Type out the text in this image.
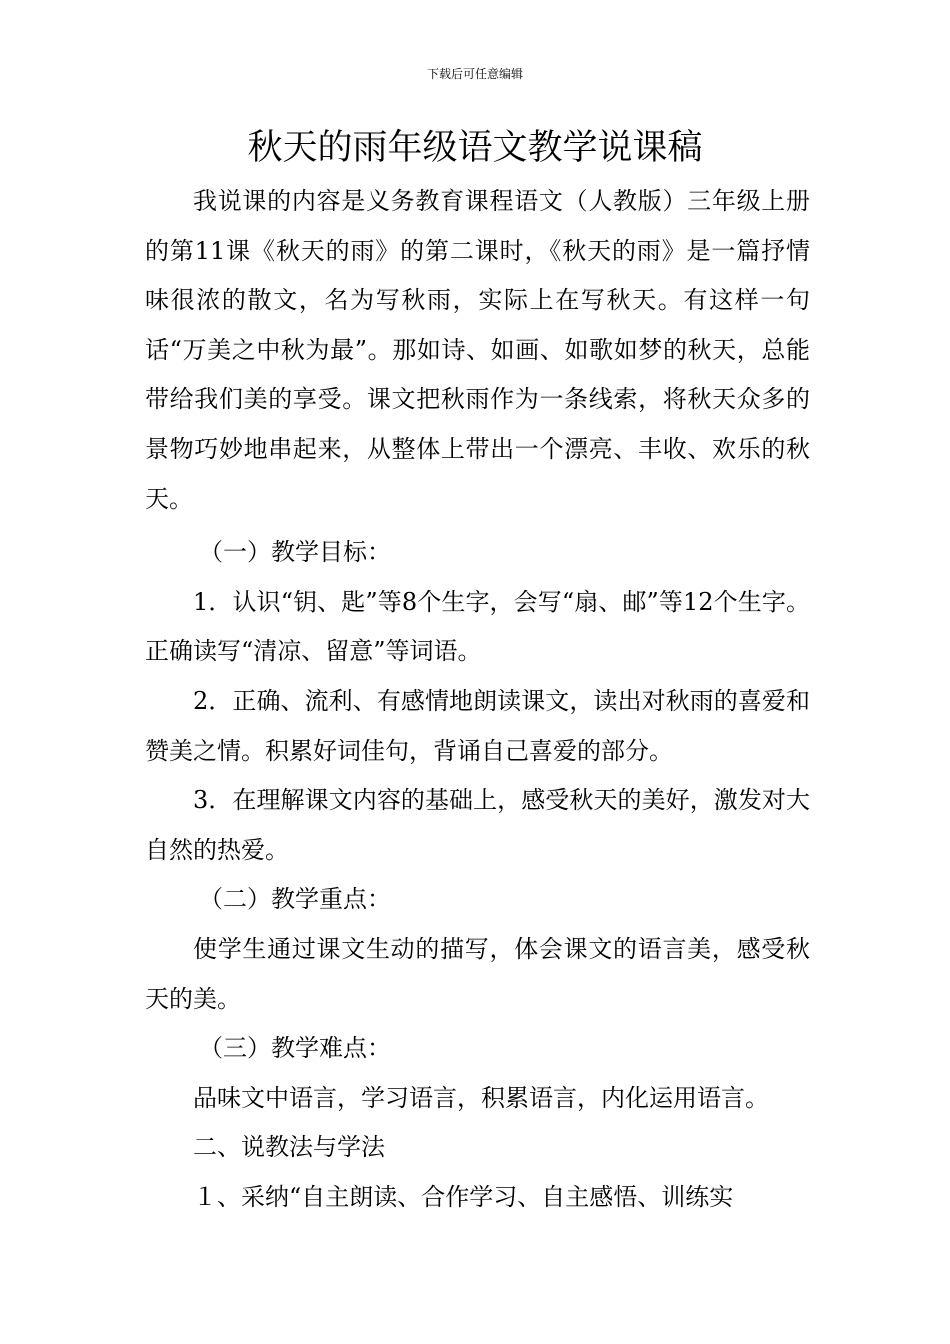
下载后可任意编辑
秋天的雨年级语文教学说课稿

我说课的内容是义务教育课程语文（人教版）三年级上册的第11课《秋天的雨》的第二课时，《秋天的雨》是一篇抒情味很浓的散文，名为写秋雨，实际上在写秋天。有这样一句话“万美之中秋为最”。那如诗、如画、如歌如梦的秋天，总能带给我们美的享受。课文把秋雨作为一条线索，将秋天众多的景物巧妙地串起来，从整体上带出一个漂亮、丰收、欢乐的秋天。

（一）教学目标：

1．认识“钥、匙”等8个生字，会写“扇、邮”等12个生字。正确读写“清凉、留意”等词语。

2．正确、流利、有感情地朗读课文，读出对秋雨的喜爱和赞美之情。积累好词佳句，背诵自己喜爱的部分。

3．在理解课文内容的基础上，感受秋天的美好，激发对大自然的热爱。

（二）教学重点：

使学生通过课文生动的描写，体会课文的语言美，感受秋天的美。

（三）教学难点：

品味文中语言，学习语言，积累语言，内化运用语言。

二、说教法与学法

１、采纳“自主朗读、合作学习、自主感悟、训练实
